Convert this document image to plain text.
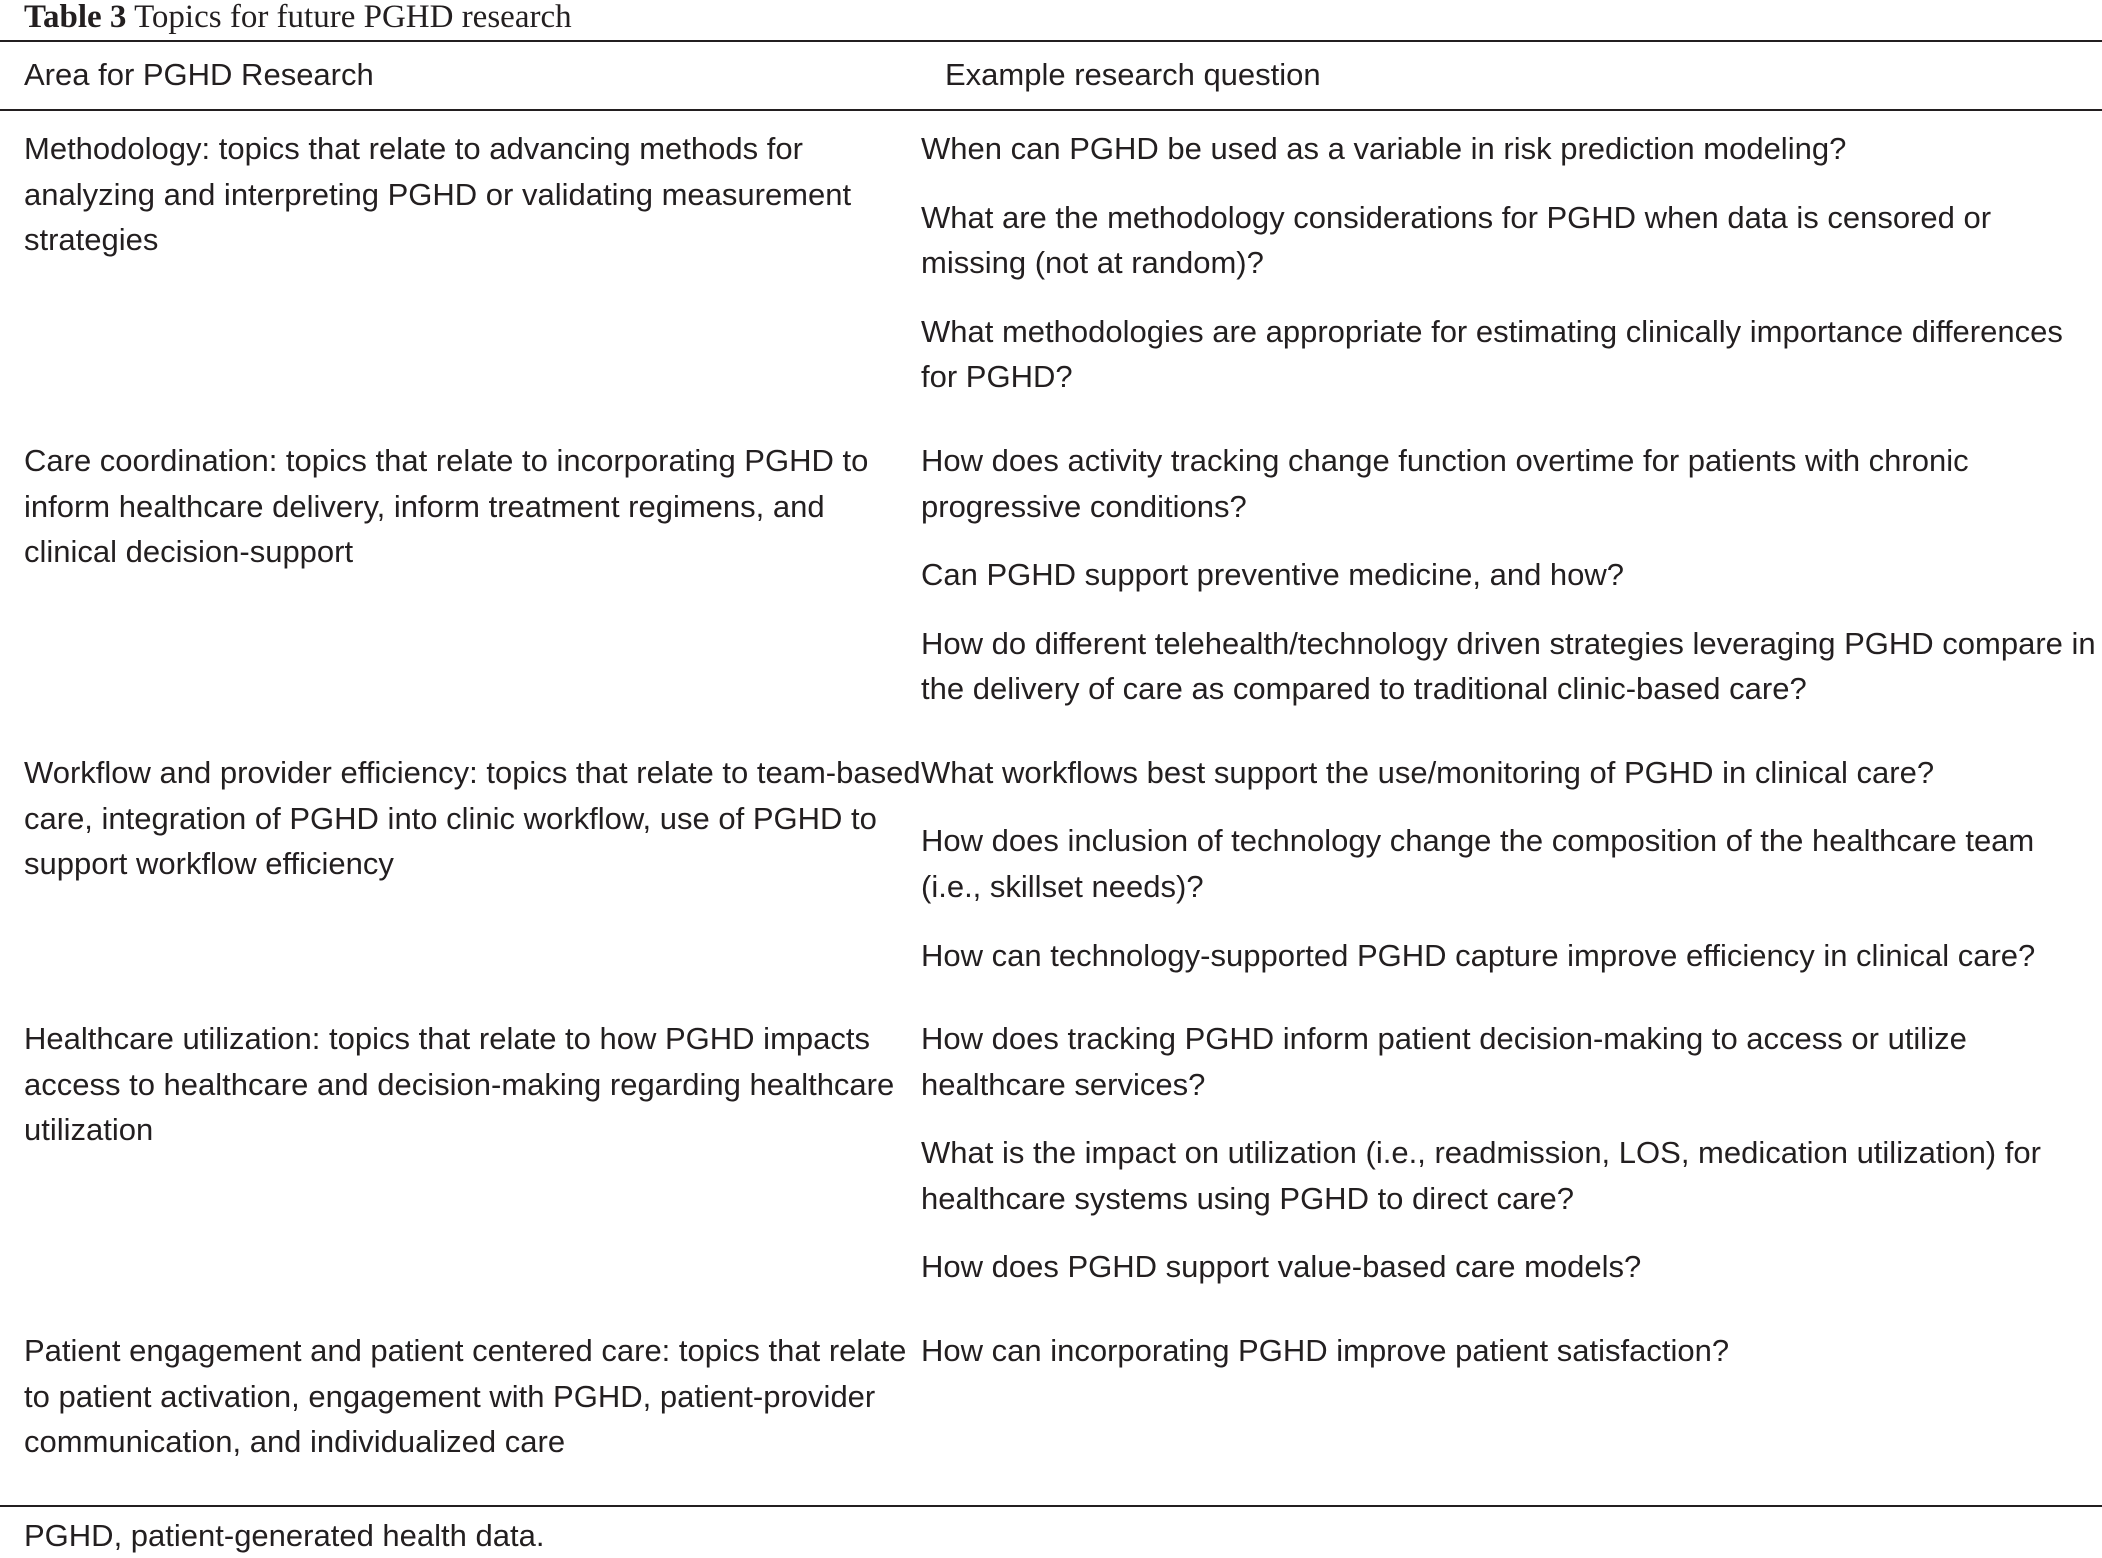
Table 3 Topics for future PGHD research
Area for PGHD Research	Example research question
Methodology: topics that relate to advancing methods for analyzing and interpreting PGHD or validating measurement strategies
When can PGHD be used as a variable in risk prediction modeling?
What are the methodology considerations for PGHD when data is censored or missing (not at random)?
What methodologies are appropriate for estimating clinically importance differences for PGHD?
Care coordination: topics that relate to incorporating PGHD to inform healthcare delivery, inform treatment regimens, and clinical decision-support
How does activity tracking change function overtime for patients with chronic progressive conditions?
Can PGHD support preventive medicine, and how?
How do different telehealth/technology driven strategies leveraging PGHD compare in the delivery of care as compared to traditional clinic-based care?
Workflow and provider efficiency: topics that relate to team-based care, integration of PGHD into clinic workflow, use of PGHD to support workflow efficiency
What workflows best support the use/monitoring of PGHD in clinical care?
How does inclusion of technology change the composition of the healthcare team (i.e., skillset needs)?
How can technology-supported PGHD capture improve efficiency in clinical care?
Healthcare utilization: topics that relate to how PGHD impacts access to healthcare and decision-making regarding healthcare utilization
How does tracking PGHD inform patient decision-making to access or utilize healthcare services?
What is the impact on utilization (i.e., readmission, LOS, medication utilization) for healthcare systems using PGHD to direct care?
How does PGHD support value-based care models?
Patient engagement and patient centered care: topics that relate to patient activation, engagement with PGHD, patient-provider communication, and individualized care
How can incorporating PGHD improve patient satisfaction?
PGHD, patient-generated health data.
